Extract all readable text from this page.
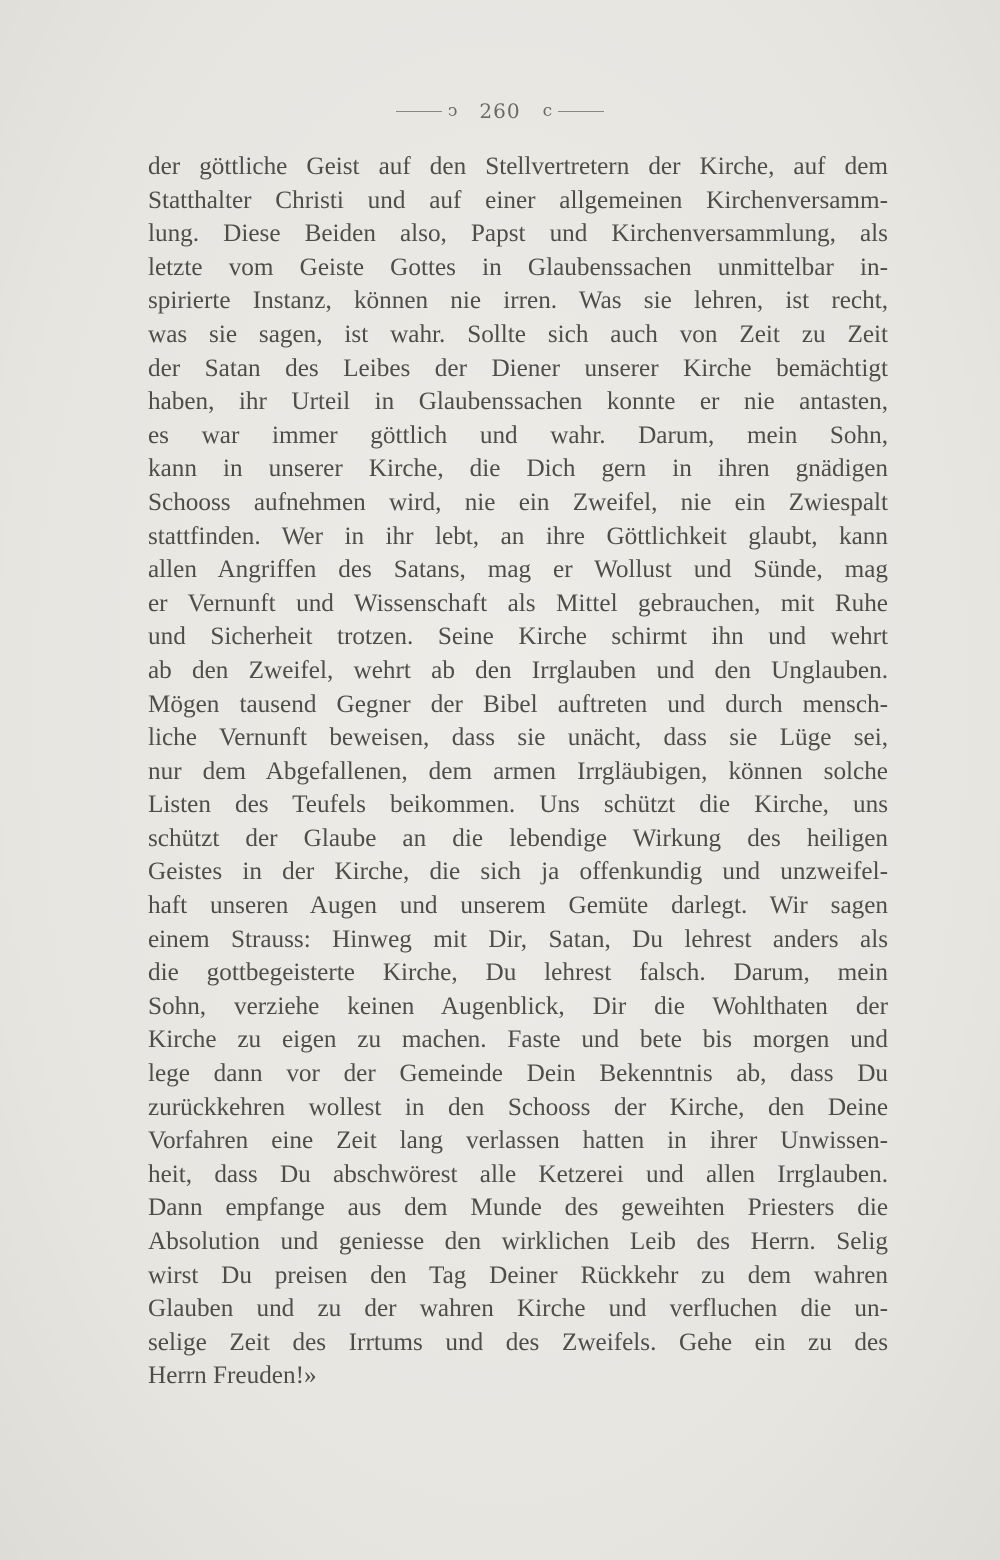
ↄ 260 c
der göttliche Geist auf den Stellvertretern der Kirche, auf dem
Statthalter Christi und auf einer allgemeinen Kirchenversamm-
lung. Diese Beiden also, Papst und Kirchenversammlung, als
letzte vom Geiste Gottes in Glaubenssachen unmittelbar in-
spirierte Instanz, können nie irren. Was sie lehren, ist recht,
was sie sagen, ist wahr. Sollte sich auch von Zeit zu Zeit
der Satan des Leibes der Diener unserer Kirche bemächtigt
haben, ihr Urteil in Glaubenssachen konnte er nie antasten,
es war immer göttlich und wahr. Darum, mein Sohn,
kann in unserer Kirche, die Dich gern in ihren gnädigen
Schooss aufnehmen wird, nie ein Zweifel, nie ein Zwiespalt
stattfinden. Wer in ihr lebt, an ihre Göttlichkeit glaubt, kann
allen Angriffen des Satans, mag er Wollust und Sünde, mag
er Vernunft und Wissenschaft als Mittel gebrauchen, mit Ruhe
und Sicherheit trotzen. Seine Kirche schirmt ihn und wehrt
ab den Zweifel, wehrt ab den Irrglauben und den Unglauben.
Mögen tausend Gegner der Bibel auftreten und durch mensch-
liche Vernunft beweisen, dass sie unächt, dass sie Lüge sei,
nur dem Abgefallenen, dem armen Irrgläubigen, können solche
Listen des Teufels beikommen. Uns schützt die Kirche, uns
schützt der Glaube an die lebendige Wirkung des heiligen
Geistes in der Kirche, die sich ja offenkundig und unzweifel-
haft unseren Augen und unserem Gemüte darlegt. Wir sagen
einem Strauss: Hinweg mit Dir, Satan, Du lehrest anders als
die gottbegeisterte Kirche, Du lehrest falsch. Darum, mein
Sohn, verziehe keinen Augenblick, Dir die Wohlthaten der
Kirche zu eigen zu machen. Faste und bete bis morgen und
lege dann vor der Gemeinde Dein Bekenntnis ab, dass Du
zurückkehren wollest in den Schooss der Kirche, den Deine
Vorfahren eine Zeit lang verlassen hatten in ihrer Unwissen-
heit, dass Du abschwörest alle Ketzerei und allen Irrglauben.
Dann empfange aus dem Munde des geweihten Priesters die
Absolution und geniesse den wirklichen Leib des Herrn. Selig
wirst Du preisen den Tag Deiner Rückkehr zu dem wahren
Glauben und zu der wahren Kirche und verfluchen die un-
selige Zeit des Irrtums und des Zweifels. Gehe ein zu des
Herrn Freuden!»
